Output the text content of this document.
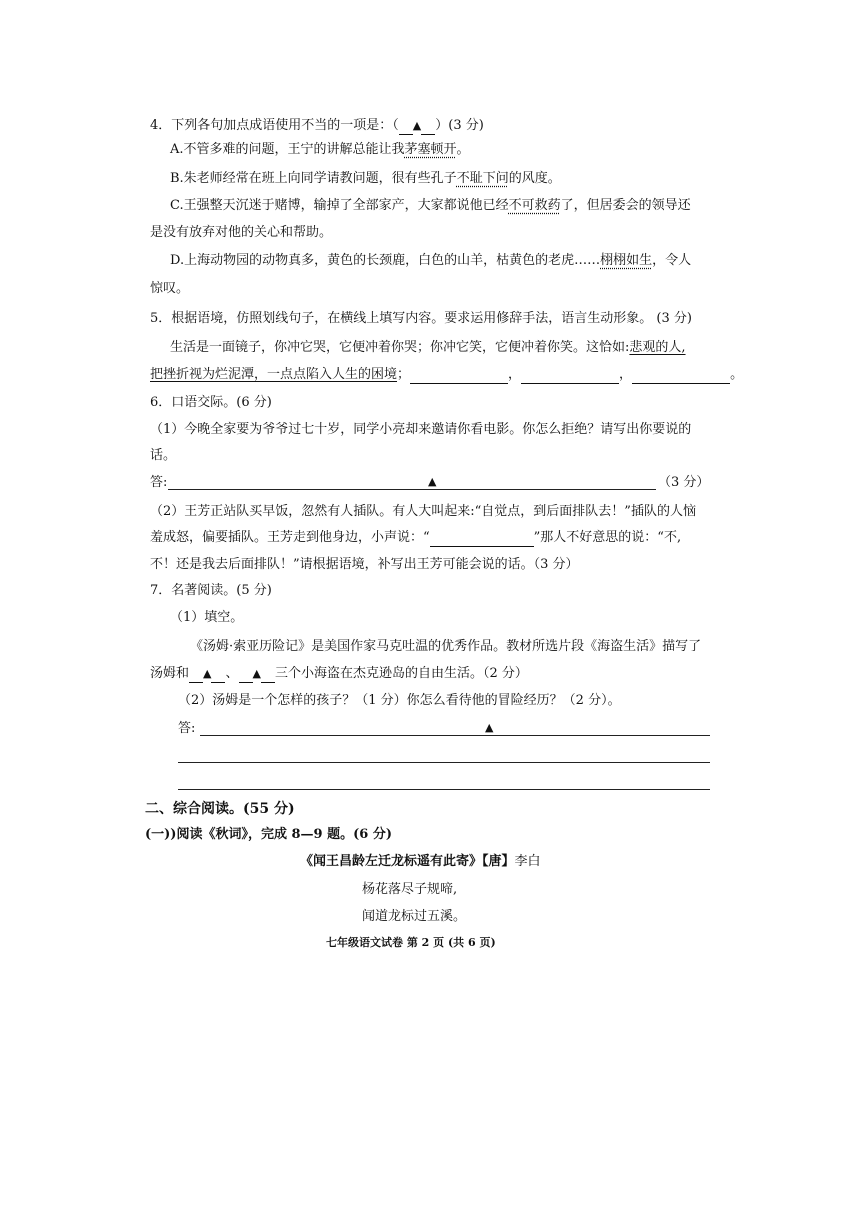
4．下列各句加点成语使用不当的一项是：（ ▲ ）(3 分)
A.不管多难的问题，王宁的讲解总能让我茅塞顿开。
B.朱老师经常在班上向同学请教问题，很有些孔子不耻下问的风度。
C.王强整天沉迷于赌博，输掉了全部家产，大家都说他已经不可救药了，但居委会的领导还
是没有放弃对他的关心和帮助。
D.上海动物园的动物真多，黄色的长颈鹿，白色的山羊，枯黄色的老虎……栩栩如生，令人
惊叹。
5．根据语境，仿照划线句子，在横线上填写内容。要求运用修辞手法，语言生动形象。 (3 分)
生活是一面镜子，你冲它哭，它便冲着你哭；你冲它笑，它便冲着你笑。这恰如:悲观的人,
把挫折视为烂泥潭，一点点陷入人生的困境；	，	，	。
6．口语交际。(6 分)
（1）今晚全家要为爷爷过七十岁，同学小亮却来邀请你看电影。你怎么拒绝？请写出你要说的
话。
答:	▲	（3 分）
（2）王芳正站队买早饭，忽然有人插队。有人大叫起来:“自觉点，到后面排队去！”插队的人恼
羞成怒，偏要插队。王芳走到他身边，小声说：“	”那人不好意思的说：“不,
不！还是我去后面排队！”请根据语境，补写出王芳可能会说的话。（3 分）
7．名著阅读。(5 分)
（1）填空。
《汤姆·索亚历险记》是美国作家马克吐温的优秀作品。教材所选片段《海盗生活》描写了
汤姆和 ▲ 、 ▲ 三个小海盗在杰克逊岛的自由生活。（2 分）
（2）汤姆是一个怎样的孩子？（1 分）你怎么看待他的冒险经历？（2 分）。
答:	▲
二、综合阅读。(55 分)
(一))阅读《秋词》，完成 8—9 题。(6 分)
《闻王昌龄左迁龙标遥有此寄》【唐】李白
杨花落尽子规啼,
闻道龙标过五溪。
七年级语文试卷 第 2 页 (共 6 页)
